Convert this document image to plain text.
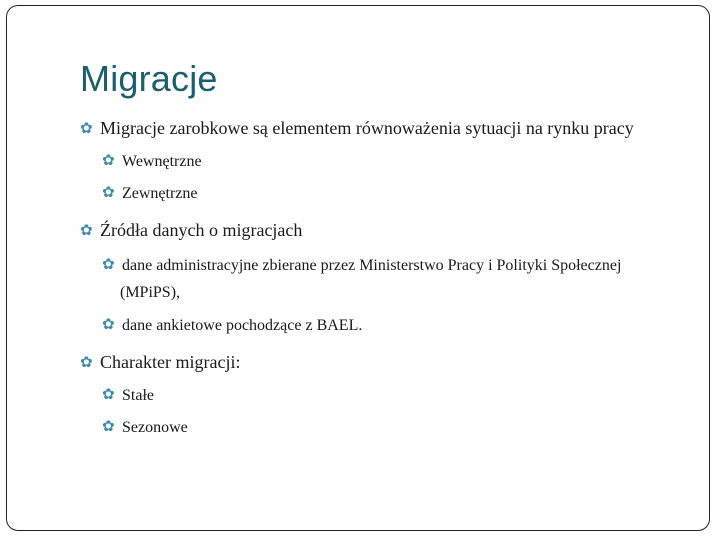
Migracje
✿ Migracje zarobkowe są elementem równoważenia sytuacji na rynku pracy
✿ Wewnętrzne
✿ Zewnętrzne
✿ Źródła danych o migracjach
✿ dane administracyjne zbierane przez Ministerstwo Pracy i Polityki Społecznej
(MPiPS),
✿ dane ankietowe pochodzące z BAEL.
✿ Charakter migracji:
✿ Stałe
✿ Sezonowe
